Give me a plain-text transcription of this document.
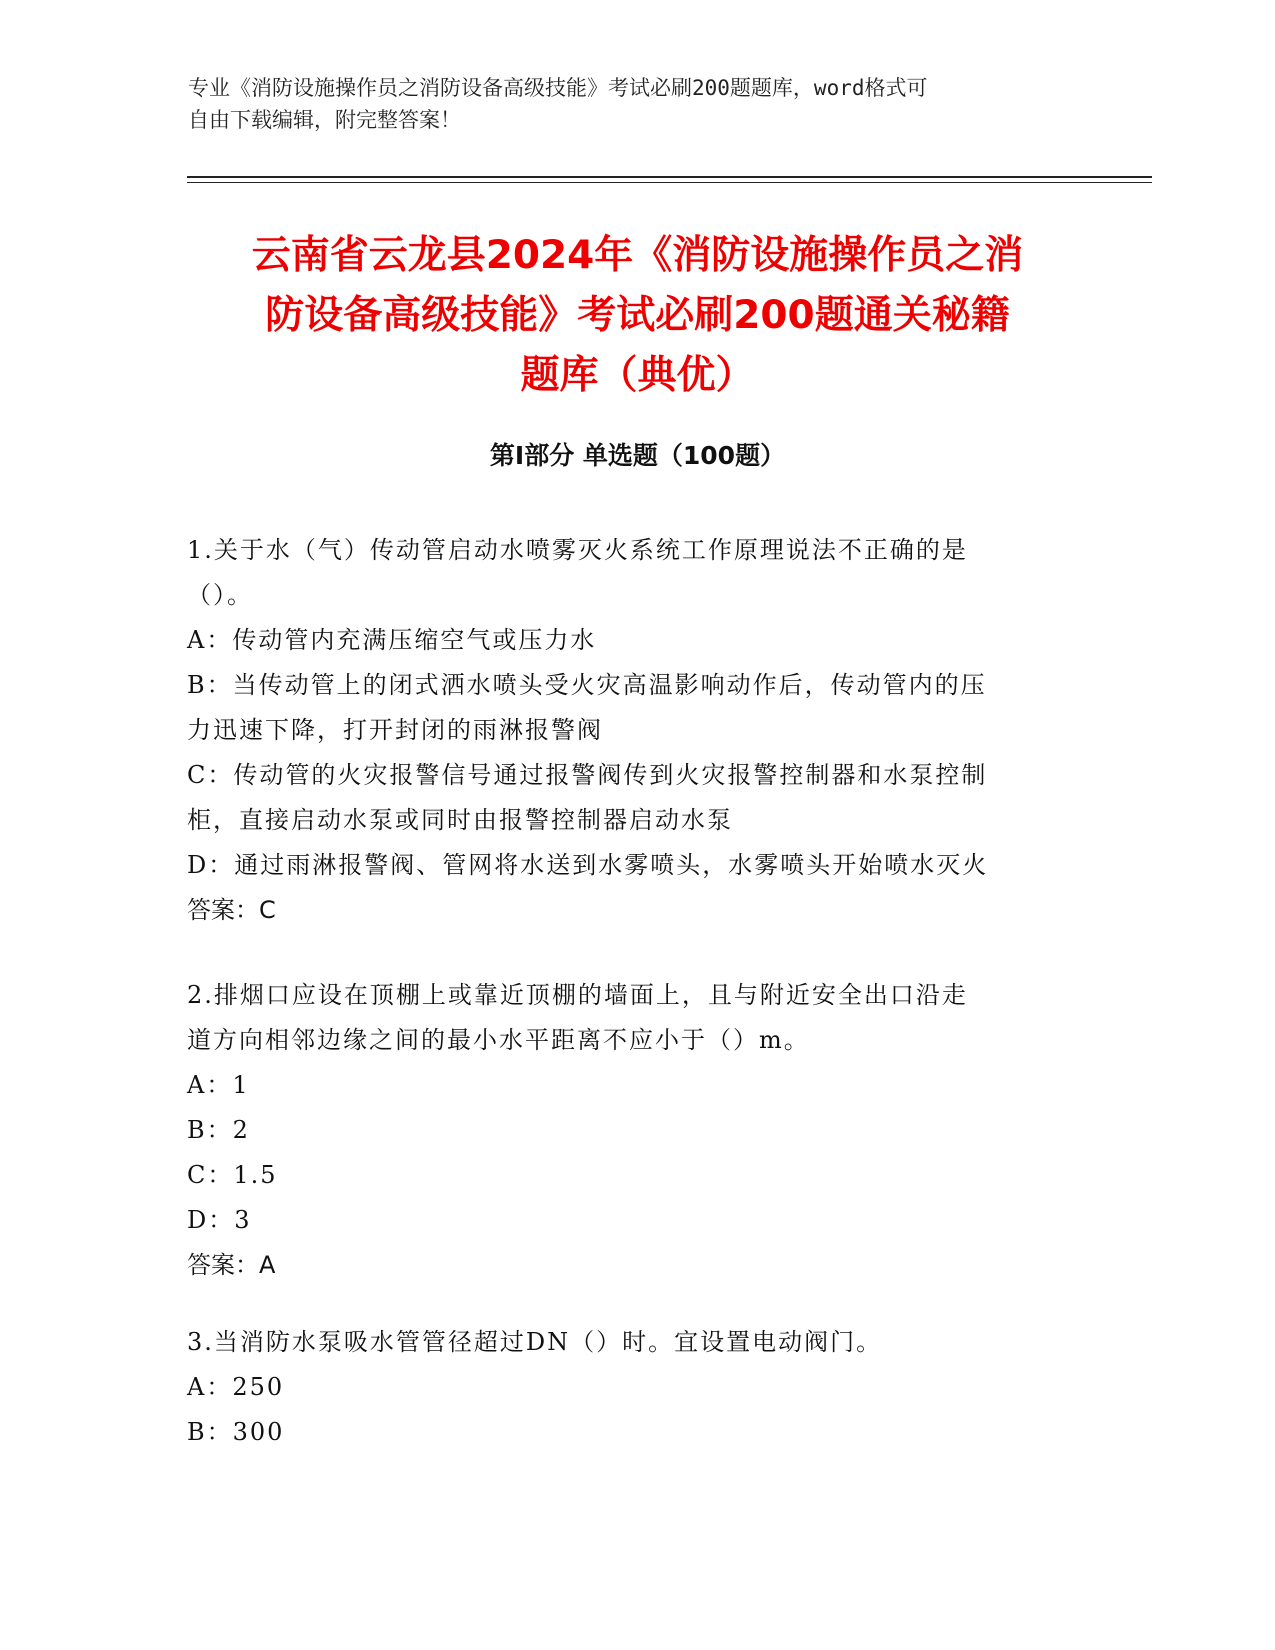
专业《消防设施操作员之消防设备高级技能》考试必刷200题题库，word格式可
自由下载编辑，附完整答案！
云南省云龙县2024年《消防设施操作员之消
防设备高级技能》考试必刷200题通关秘籍
题库（典优）
第I部分 单选题（100题）
1.关于水（气）传动管启动水喷雾灭火系统工作原理说法不正确的是
（）。
A：传动管内充满压缩空气或压力水
B：当传动管上的闭式洒水喷头受火灾高温影响动作后，传动管内的压
力迅速下降，打开封闭的雨淋报警阀
C：传动管的火灾报警信号通过报警阀传到火灾报警控制器和水泵控制
柜，直接启动水泵或同时由报警控制器启动水泵
D：通过雨淋报警阀、管网将水送到水雾喷头，水雾喷头开始喷水灭火
答案：C
2.排烟口应设在顶棚上或靠近顶棚的墙面上，且与附近安全出口沿走
道方向相邻边缘之间的最小水平距离不应小于（）m。
A：1
B：2
C：1.5
D：3
答案：A
3.当消防水泵吸水管管径超过DN（）时。宜设置电动阀门。
A：250
B：300
